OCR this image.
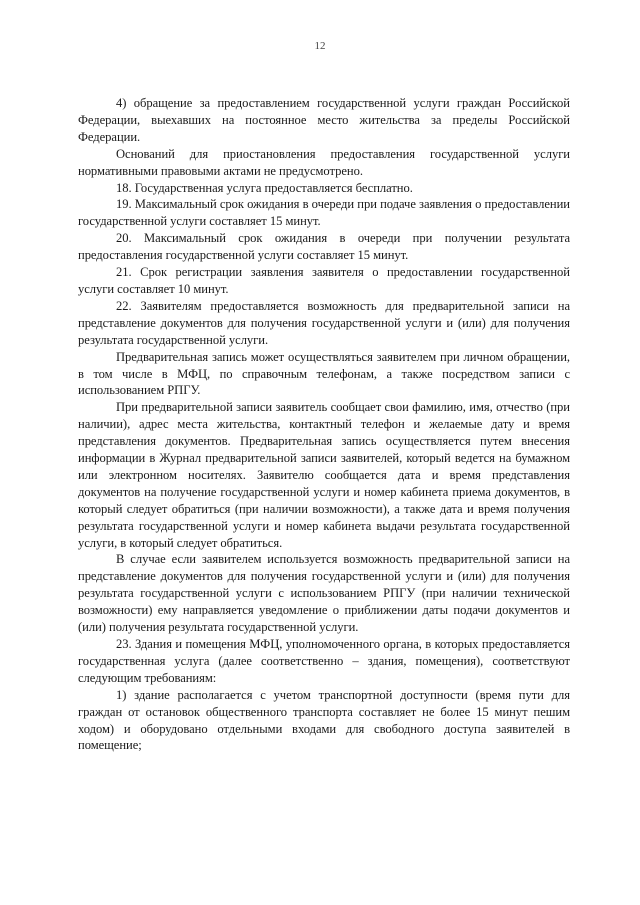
12

4) обращение за предоставлением государственной услуги граждан Российской Федерации, выехавших на постоянное место жительства за пределы Российской Федерации.

Оснований для приостановления предоставления государственной услуги нормативными правовыми актами не предусмотрено.

18. Государственная услуга предоставляется бесплатно.

19. Максимальный срок ожидания в очереди при подаче заявления о предоставлении государственной услуги составляет 15 минут.

20. Максимальный срок ожидания в очереди при получении результата предоставления государственной услуги составляет 15 минут.

21. Срок регистрации заявления заявителя о предоставлении государственной услуги составляет 10 минут.

22. Заявителям предоставляется возможность для предварительной записи на представление документов для получения государственной услуги и (или) для получения результата государственной услуги.

Предварительная запись может осуществляться заявителем при личном обращении, в том числе в МФЦ, по справочным телефонам, а также посредством записи с использованием РПГУ.

При предварительной записи заявитель сообщает свои фамилию, имя, отчество (при наличии), адрес места жительства, контактный телефон и желаемые дату и время представления документов. Предварительная запись осуществляется путем внесения информации в Журнал предварительной записи заявителей, который ведется на бумажном или электронном носителях. Заявителю сообщается дата и время представления документов на получение государственной услуги и номер кабинета приема документов, в который следует обратиться (при наличии возможности), а также дата и время получения результата государственной услуги и номер кабинета выдачи результата государственной услуги, в который следует обратиться.

В случае если заявителем используется возможность предварительной записи на представление документов для получения государственной услуги и (или) для получения результата государственной услуги с использованием РПГУ (при наличии технической возможности) ему направляется уведомление о приближении даты подачи документов и (или) получения результата государственной услуги.

23. Здания и помещения МФЦ, уполномоченного органа, в которых предоставляется государственная услуга (далее соответственно – здания, помещения), соответствуют следующим требованиям:

1) здание располагается с учетом транспортной доступности (время пути для граждан от остановок общественного транспорта составляет не более 15 минут пешим ходом) и оборудовано отдельными входами для свободного доступа заявителей в помещение;
